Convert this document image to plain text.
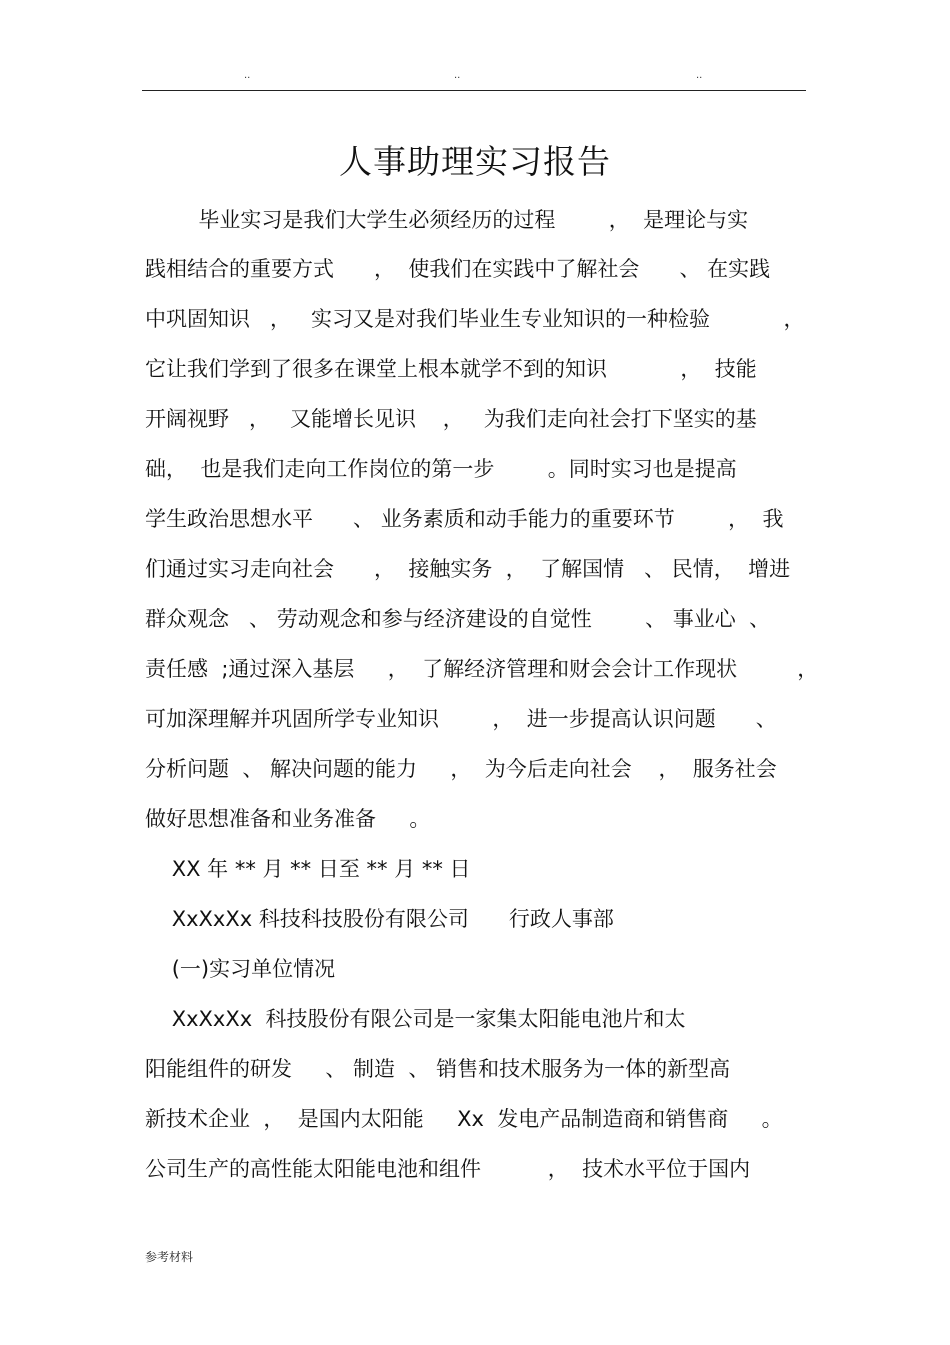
..	..	..
人事助理实习报告
毕业实习是我们大学生必须经历的过程        ，  是理论与实
践相结合的重要方式      ，  使我们在实践中了解社会      、 在实践
中巩固知识   ，   实习又是对我们毕业生专业知识的一种检验           ，
它让我们学到了很多在课堂上根本就学不到的知识           ，  技能
开阔视野   ，   又能增长见识    ，   为我们走向社会打下坚实的基
础，  也是我们走向工作岗位的第一步        。同时实习也是提高
学生政治思想水平      、 业务素质和动手能力的重要环节        ，  我
们通过实习走向社会      ，  接触实务  ，  了解国情   、 民情，  增进
群众观念   、 劳动观念和参与经济建设的自觉性        、 事业心  、
责任感  ;通过深入基层     ，  了解经济管理和财会会计工作现状         ，
可加深理解并巩固所学专业知识        ，  进一步提高认识问题      、
分析问题  、 解决问题的能力     ，  为今后走向社会    ，  服务社会
做好思想准备和业务准备     。
XX 年 ** 月 ** 日至 ** 月 ** 日
XxXxXx 科技科技股份有限公司      行政人事部
(一)实习单位情况
XxXxXx  科技股份有限公司是一家集太阳能电池片和太
阳能组件的研发     、 制造  、 销售和技术服务为一体的新型高
新技术企业  ，  是国内太阳能     Xx  发电产品制造商和销售商     。
公司生产的高性能太阳能电池和组件          ，  技术水平位于国内
参考材料
